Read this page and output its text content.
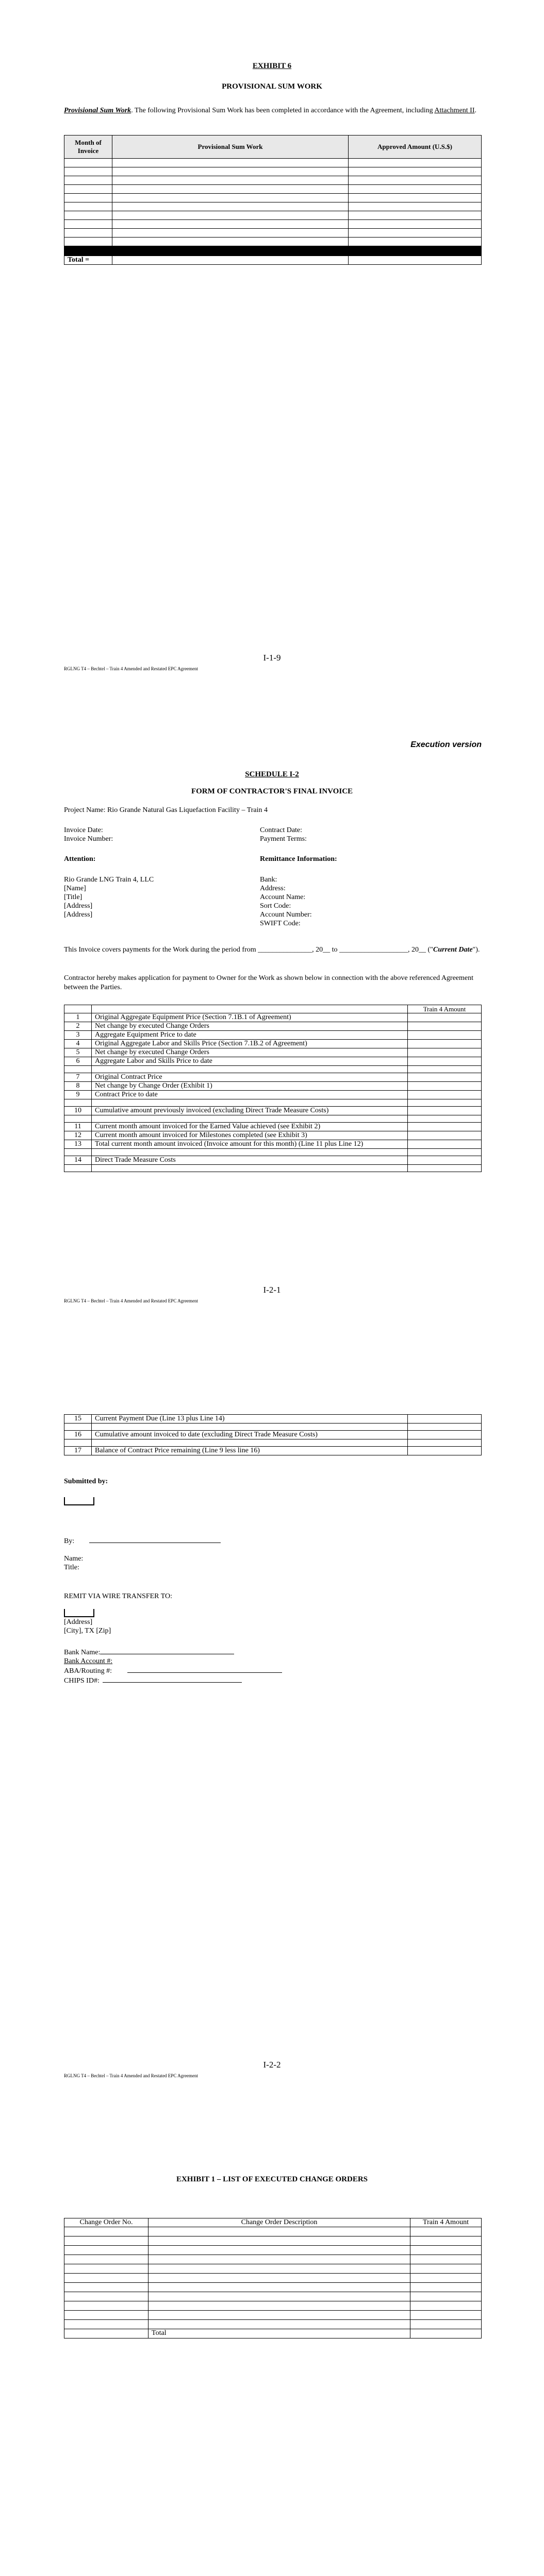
EXHIBIT 6
PROVISIONAL SUM WORK
Provisional Sum Work. The following Provisional Sum Work has been completed in accordance with the Agreement, including Attachment II.
Month of Invoice	Provisional Sum Work	Approved Amount (U.S.$)

Total =		
I-1-9
RGLNG T4 – Bechtel – Train 4 Amended and Restated EPC Agreement
Execution version
SCHEDULE I-2
FORM OF CONTRACTOR'S FINAL INVOICE
Project Name: Rio Grande Natural Gas Liquefaction Facility – Train 4
Invoice Date:
Invoice Number:
Contract Date:
Payment Terms:
Attention:	Remittance Information:
Rio Grande LNG Train 4, LLC
[Name]
[Title]
[Address]
[Address]
Bank:
Address:
Account Name:
Sort Code:
Account Number:
SWIFT Code:
This Invoice covers payments for the Work during the period from _______________, 20__ to ___________________, 20__ ("Current Date").
Contractor hereby makes application for payment to Owner for the Work as shown below in connection with the above referenced Agreement between the Parties.
		Train 4 Amount
1	Original Aggregate Equipment Price (Section 7.1B.1 of Agreement)	
2	Net change by executed Change Orders	
3	Aggregate Equipment Price to date	
4	Original Aggregate Labor and Skills Price (Section 7.1B.2 of Agreement)	
5	Net change by executed Change Orders	
6	Aggregate Labor and Skills Price to date	

7	Original Contract Price	
8	Net change by Change Order (Exhibit 1)	
9	Contract Price to date	

10	Cumulative amount previously invoiced (excluding Direct Trade Measure Costs)	

11	Current month amount invoiced for the Earned Value achieved (see Exhibit 2)	
12	Current month amount invoiced for Milestones completed (see Exhibit 3)	
13	Total current month amount invoiced (Invoice amount for this month) (Line 11 plus Line 12)	

14	Direct Trade Measure Costs	

I-2-1
RGLNG T4 – Bechtel – Train 4 Amended and Restated EPC Agreement
15	Current Payment Due (Line 13 plus Line 14)	

16	Cumulative amount invoiced to date (excluding Direct Trade Measure Costs)	

17	Balance of Contract Price remaining (Line 9 less line 16)	
Submitted by:
By:
Name:
Title:
REMIT VIA WIRE TRANSFER TO:
[Address]
[City], TX [Zip]
Bank Name:
Bank Account #:
ABA/Routing #:
CHIPS ID#:
I-2-2
RGLNG T4 – Bechtel – Train 4 Amended and Restated EPC Agreement
EXHIBIT 1 – LIST OF EXECUTED CHANGE ORDERS
Change Order No.	Change Order Description	Train 4 Amount

	Total	
